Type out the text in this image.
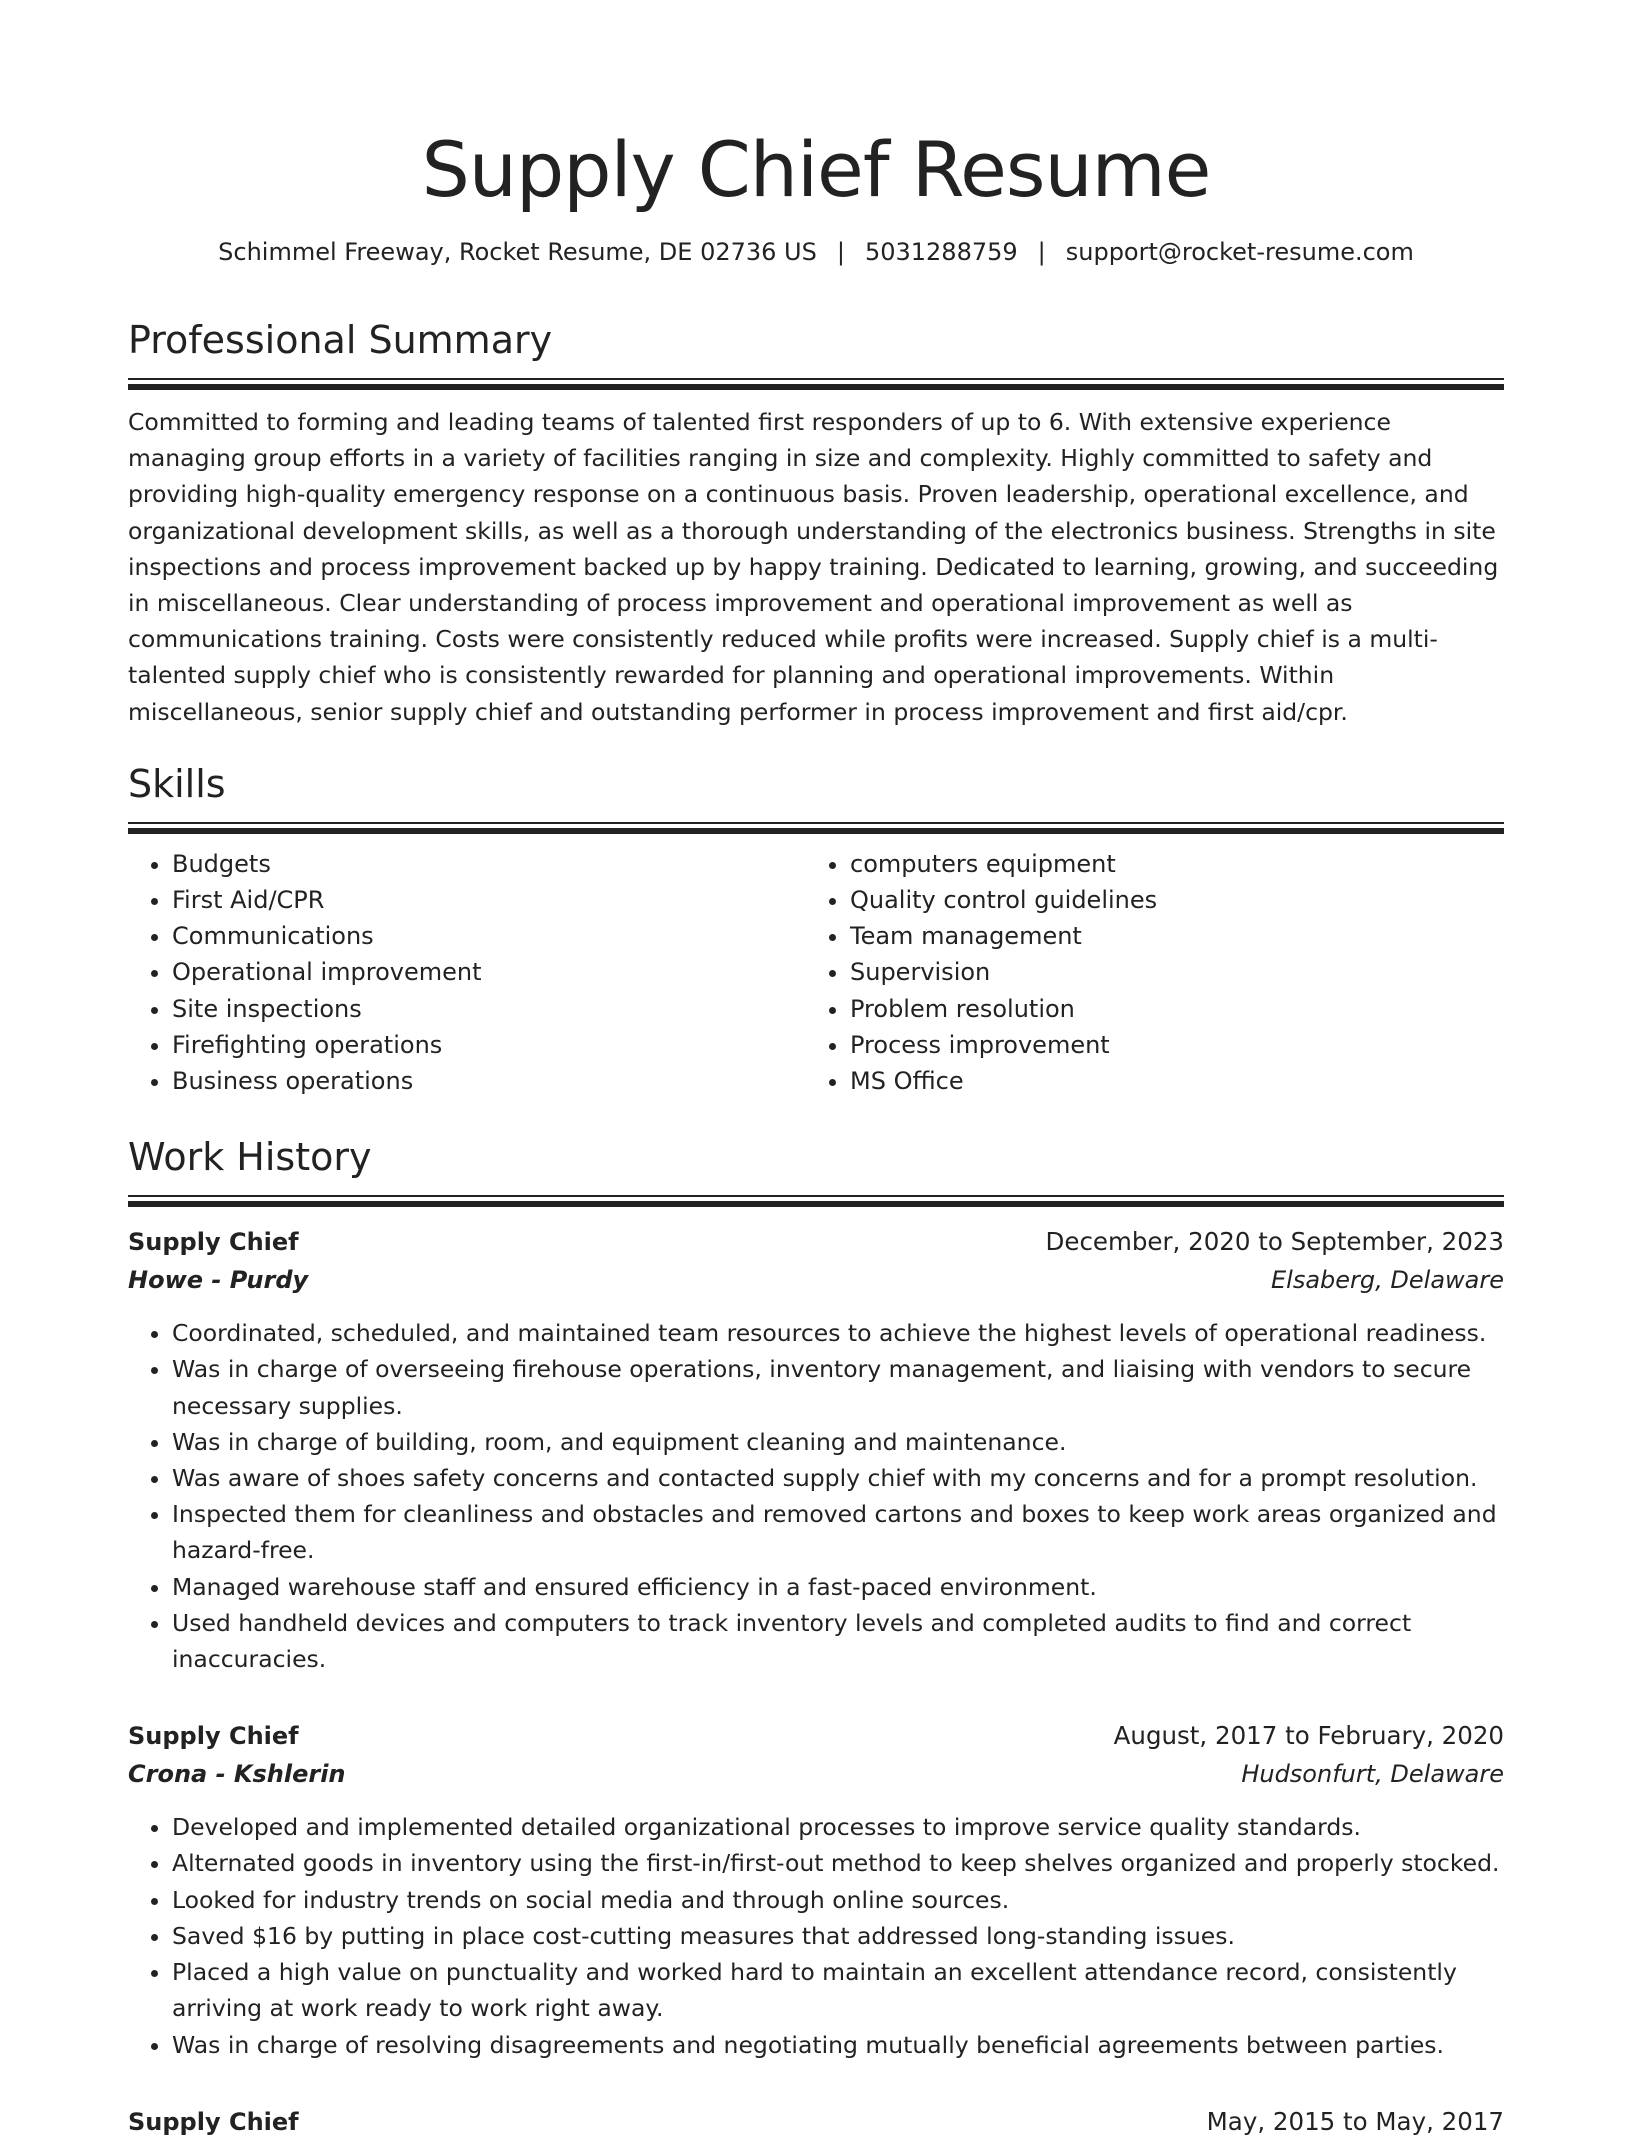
Supply Chief Resume
Schimmel Freeway, Rocket Resume, DE 02736 US | 5031288759 | support@rocket-resume.com
Professional Summary

Committed to forming and leading teams of talented first responders of up to 6. With extensive experience managing group efforts in a variety of facilities ranging in size and complexity. Highly committed to safety and providing high-quality emergency response on a continuous basis. Proven leadership, operational excellence, and organizational development skills, as well as a thorough understanding of the electronics business. Strengths in site inspections and process improvement backed up by happy training. Dedicated to learning, growing, and succeeding in miscellaneous. Clear understanding of process improvement and operational improvement as well as communications training. Costs were consistently reduced while profits were increased. Supply chief is a multi-talented supply chief who is consistently rewarded for planning and operational improvements. Within miscellaneous, senior supply chief and outstanding performer in process improvement and first aid/cpr.

Skills
• Budgets
• First Aid/CPR
• Communications
• Operational improvement
• Site inspections
• Firefighting operations
• Business operations
• computers equipment
• Quality control guidelines
• Team management
• Supervision
• Problem resolution
• Process improvement
• MS Office
Work History
Supply Chief	December, 2020 to September, 2023
Howe - Purdy	Elsaberg, Delaware
• Coordinated, scheduled, and maintained team resources to achieve the highest levels of operational readiness.
• Was in charge of overseeing firehouse operations, inventory management, and liaising with vendors to secure necessary supplies.
• Was in charge of building, room, and equipment cleaning and maintenance.
• Was aware of shoes safety concerns and contacted supply chief with my concerns and for a prompt resolution.
• Inspected them for cleanliness and obstacles and removed cartons and boxes to keep work areas organized and hazard-free.
• Managed warehouse staff and ensured efficiency in a fast-paced environment.
• Used handheld devices and computers to track inventory levels and completed audits to find and correct inaccuracies.
Supply Chief	August, 2017 to February, 2020
Crona - Kshlerin	Hudsonfurt, Delaware
• Developed and implemented detailed organizational processes to improve service quality standards.
• Alternated goods in inventory using the first-in/first-out method to keep shelves organized and properly stocked.
• Looked for industry trends on social media and through online sources.
• Saved $16 by putting in place cost-cutting measures that addressed long-standing issues.
• Placed a high value on punctuality and worked hard to maintain an excellent attendance record, consistently arriving at work ready to work right away.
• Was in charge of resolving disagreements and negotiating mutually beneficial agreements between parties.
Supply Chief	May, 2015 to May, 2017
